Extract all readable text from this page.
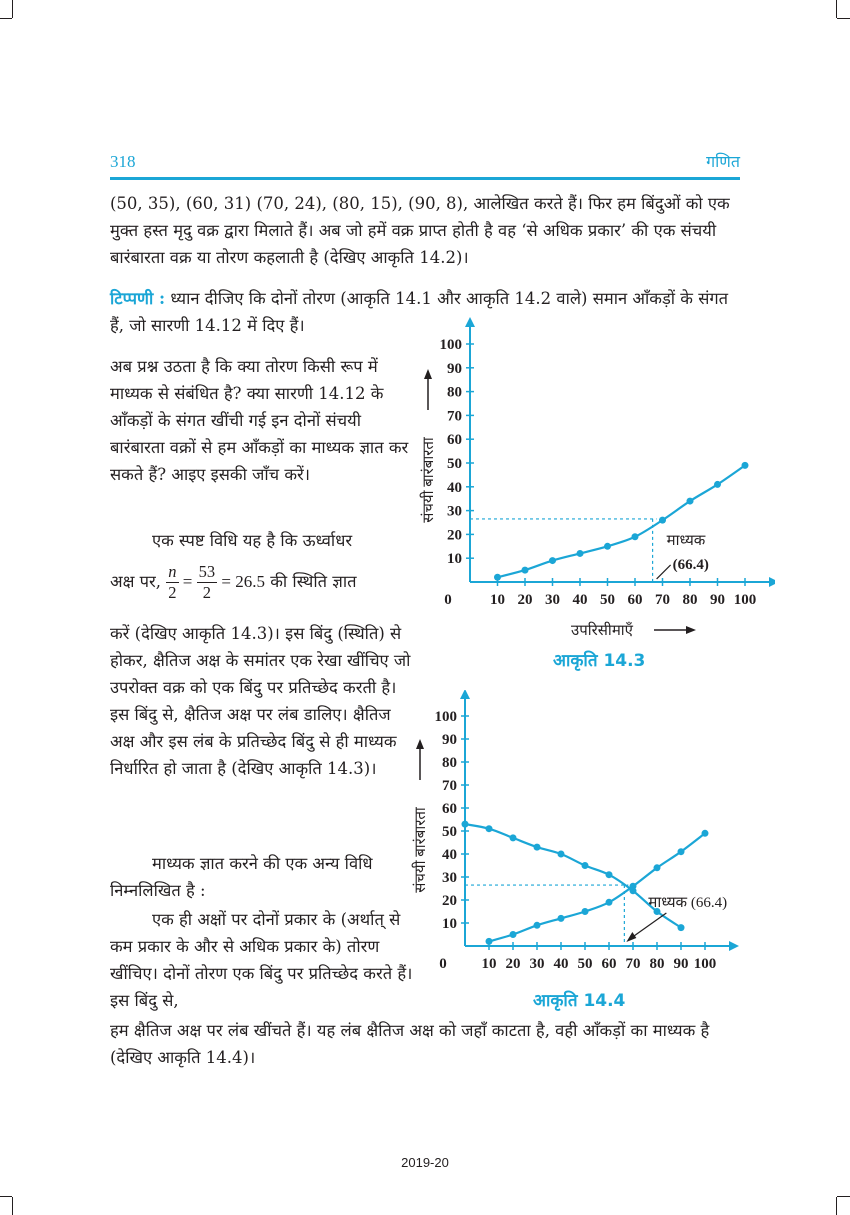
318	गणित
(50, 35), (60, 31) (70, 24), (80, 15), (90, 8), आलेखित करते हैं। फिर हम बिंदुओं को एक मुक्त हस्त मृदु वक्र द्वारा मिलाते हैं। अब जो हमें वक्र प्राप्त होती है वह ‘से अधिक प्रकार’ की एक संचयी बारंबारता वक्र या तोरण कहलाती है (देखिए आकृति 14.2)।
टिप्पणी : ध्यान दीजिए कि दोनों तोरण (आकृति 14.1 और आकृति 14.2 वाले) समान आँकड़ों के संगत हैं, जो सारणी 14.12 में दिए हैं।
अब प्रश्न उठता है कि क्या तोरण किसी रूप में माध्यक से संबंधित है? क्या सारणी 14.12 के आँकड़ों के संगत खींची गई इन दोनों संचयी बारंबारता वक्रों से हम आँकड़ों का माध्यक ज्ञात कर सकते हैं? आइए इसकी जाँच करें।
एक स्पष्ट विधि यह है कि ऊर्ध्वाधर
अक्ष पर, $\frac{n}{2} = \frac{53}{2} = 26.5$ की स्थिति ज्ञात
करें (देखिए आकृति 14.3)। इस बिंदु (स्थिति) से होकर, क्षैतिज अक्ष के समांतर एक रेखा खींचिए जो उपरोक्त वक्र को एक बिंदु पर प्रतिच्छेद करती है। इस बिंदु से, क्षैतिज अक्ष पर लंब डालिए। क्षैतिज अक्ष और इस लंब के प्रतिच्छेद बिंदु से ही माध्यक निर्धारित हो जाता है (देखिए आकृति 14.3)।
माध्यक ज्ञात करने की एक अन्य विधि निम्नलिखित है :
एक ही अक्षों पर दोनों प्रकार के (अर्थात् से कम प्रकार के और से अधिक प्रकार के) तोरण खींचिए। दोनों तोरण एक बिंदु पर प्रतिच्छेद करते हैं। इस बिंदु से,
हम क्षैतिज अक्ष पर लंब खींचते हैं। यह लंब क्षैतिज अक्ष को जहाँ काटता है, वही आँकड़ों का माध्यक है (देखिए आकृति 14.4)।
10 20 30 40 50 60 70 80 90 100
10
20
30
40
50
60
70
80
90
100
0
संचयी बारंबारता
उपरिसीमाएँ
माध्यक
(66.4)
आकृति 14.3
10 20 30 40 50 60 70 80 90 100
10
20
30
40
50
60
70
80
90
100
0
संचयी बारंबारता
माध्यक (66.4)
आकृति 14.4
2019-20
